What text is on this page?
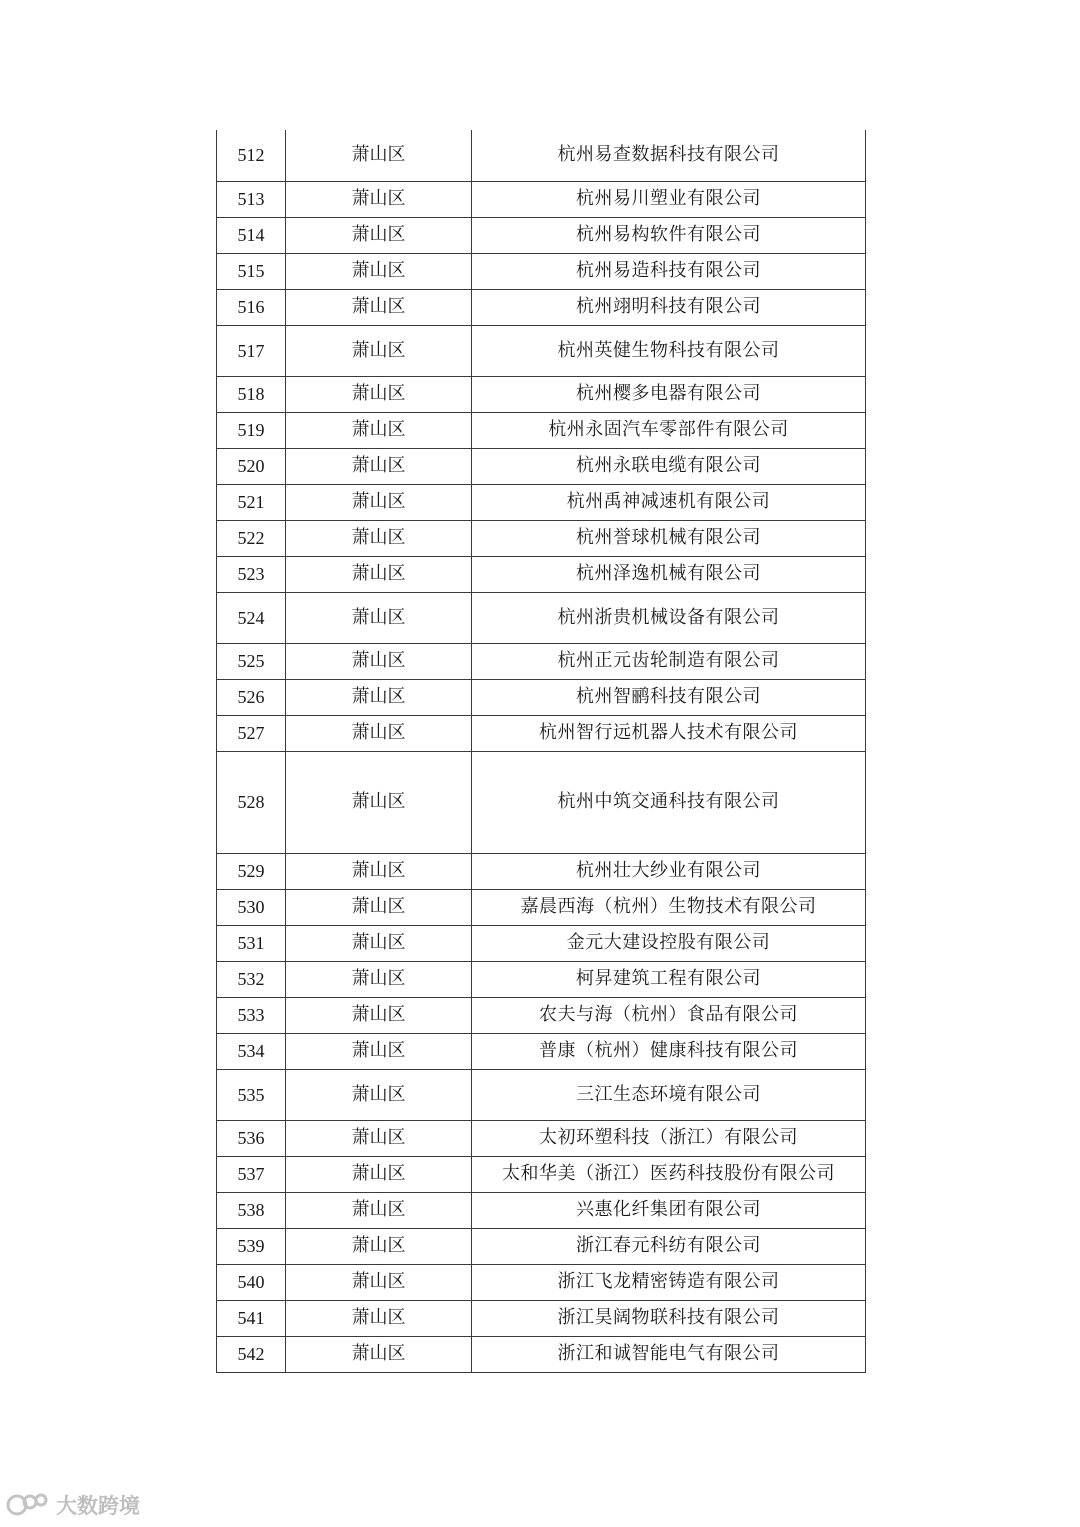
512	萧山区	杭州易查数据科技有限公司
513	萧山区	杭州易川塑业有限公司
514	萧山区	杭州易构软件有限公司
515	萧山区	杭州易造科技有限公司
516	萧山区	杭州翊明科技有限公司
517	萧山区	杭州英健生物科技有限公司
518	萧山区	杭州樱多电器有限公司
519	萧山区	杭州永固汽车零部件有限公司
520	萧山区	杭州永联电缆有限公司
521	萧山区	杭州禹神减速机有限公司
522	萧山区	杭州誉球机械有限公司
523	萧山区	杭州泽逸机械有限公司
524	萧山区	杭州浙贵机械设备有限公司
525	萧山区	杭州正元齿轮制造有限公司
526	萧山区	杭州智鹂科技有限公司
527	萧山区	杭州智行远机器人技术有限公司
528	萧山区	杭州中筑交通科技有限公司
529	萧山区	杭州壮大纱业有限公司
530	萧山区	嘉晨西海（杭州）生物技术有限公司
531	萧山区	金元大建设控股有限公司
532	萧山区	柯昇建筑工程有限公司
533	萧山区	农夫与海（杭州）食品有限公司
534	萧山区	普康（杭州）健康科技有限公司
535	萧山区	三江生态环境有限公司
536	萧山区	太初环塑科技（浙江）有限公司
537	萧山区	太和华美（浙江）医药科技股份有限公司
538	萧山区	兴惠化纤集团有限公司
539	萧山区	浙江春元科纺有限公司
540	萧山区	浙江飞龙精密铸造有限公司
541	萧山区	浙江昊阔物联科技有限公司
542	萧山区	浙江和诚智能电气有限公司
大数跨境
